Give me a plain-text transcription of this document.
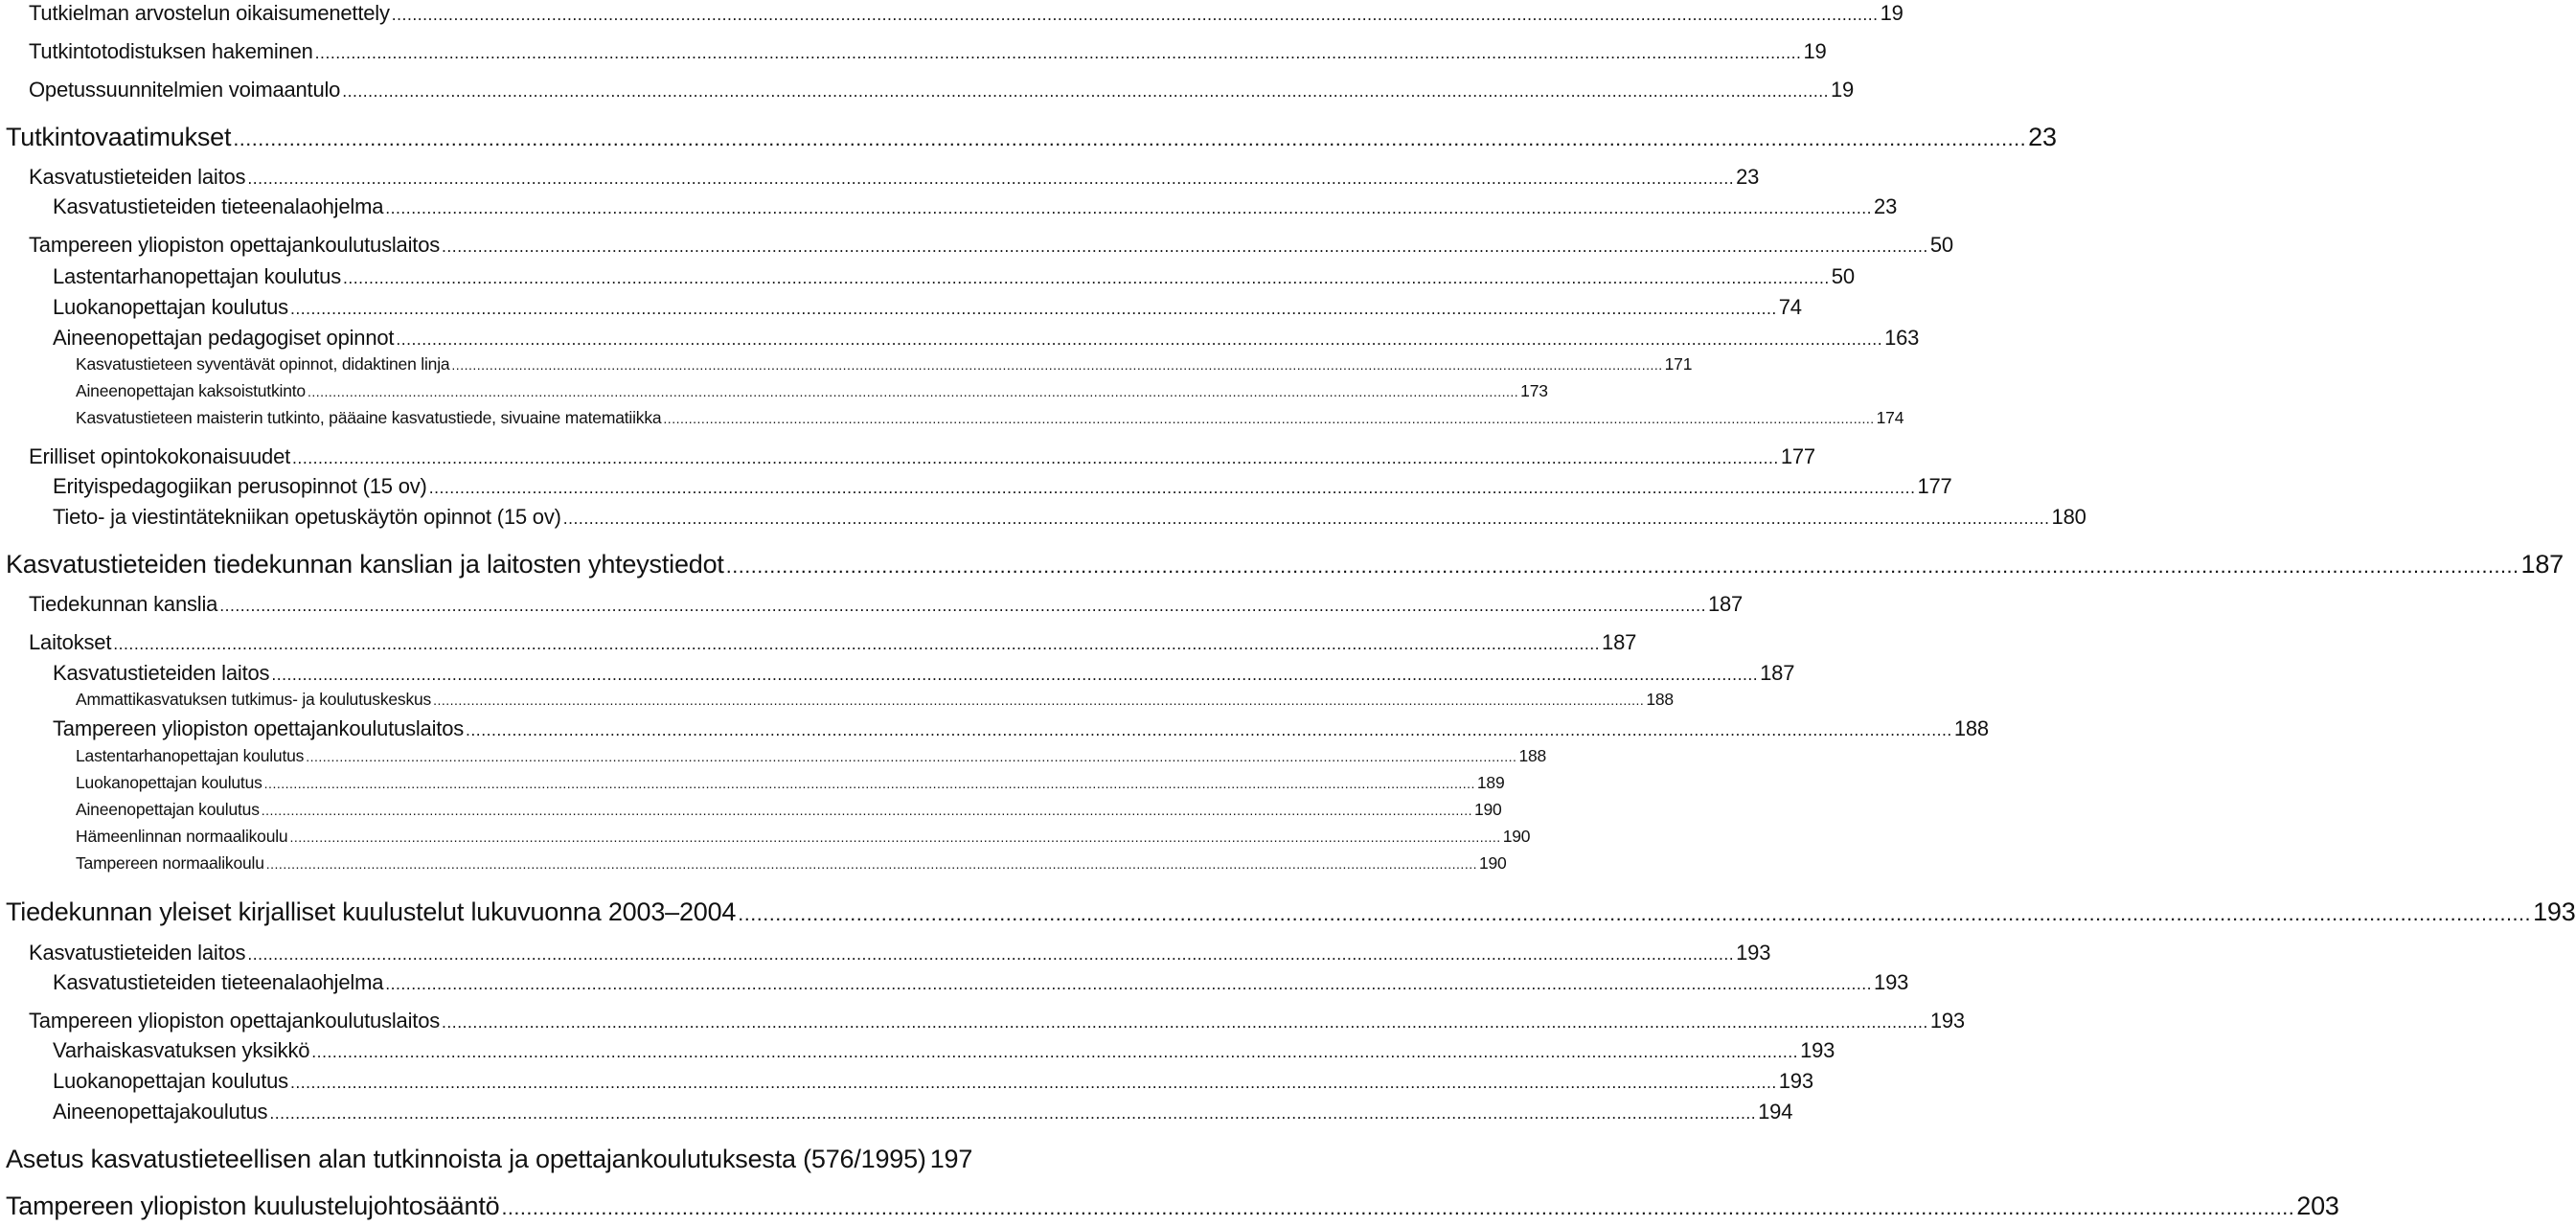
Tutkielman arvostelun oikaisumenettely .....	19
Tutkintotodistuksen hakeminen .....	19
Opetussuunnitelmien voimaantulo .....	19
Tutkintovaatimukset .....	23
Kasvatustieteiden laitos .....	23
Kasvatustieteiden tieteenalaohjelma .....	23
Tampereen yliopiston opettajankoulutuslaitos .....	50
Lastentarhanopettajan koulutus .....	50
Luokanopettajan koulutus .....	74
Aineenopettajan pedagogiset opinnot .....	163
Kasvatustieteen syventävät opinnot, didaktinen linja .....	171
Aineenopettajan kaksoistutkinto .....	173
Kasvatustieteen maisterin tutkinto, pääaine kasvatustiede, sivuaine matematiikka .....	174
Erilliset opintokokonaisuudet .....	177
Erityispedagogiikan perusopinnot (15 ov) .....	177
Tieto- ja viestintätekniikan opetuskäytön opinnot (15 ov) .....	180
Kasvatustieteiden tiedekunnan kanslian ja laitosten yhteystiedot .....	187
Tiedekunnan kanslia .....	187
Laitokset .....	187
Kasvatustieteiden laitos .....	187
Ammattikasvatuksen tutkimus- ja koulutuskeskus .....	188
Tampereen yliopiston opettajankoulutuslaitos .....	188
Lastentarhanopettajan koulutus .....	188
Luokanopettajan koulutus .....	189
Aineenopettajan koulutus .....	190
Hämeenlinnan normaalikoulu .....	190
Tampereen normaalikoulu .....	190
Tiedekunnan yleiset kirjalliset kuulustelut lukuvuonna 2003–2004 .....	193
Kasvatustieteiden laitos .....	193
Kasvatustieteiden tieteenalaohjelma .....	193
Tampereen yliopiston opettajankoulutuslaitos .....	193
Varhaiskasvatuksen yksikkö .....	193
Luokanopettajan koulutus .....	193
Aineenopettajakoulutus .....	194
Asetus kasvatustieteellisen alan tutkinnoista ja opettajankoulutuksesta (576/1995) 197
Tampereen yliopiston kuulustelujohtosääntö .....	203
